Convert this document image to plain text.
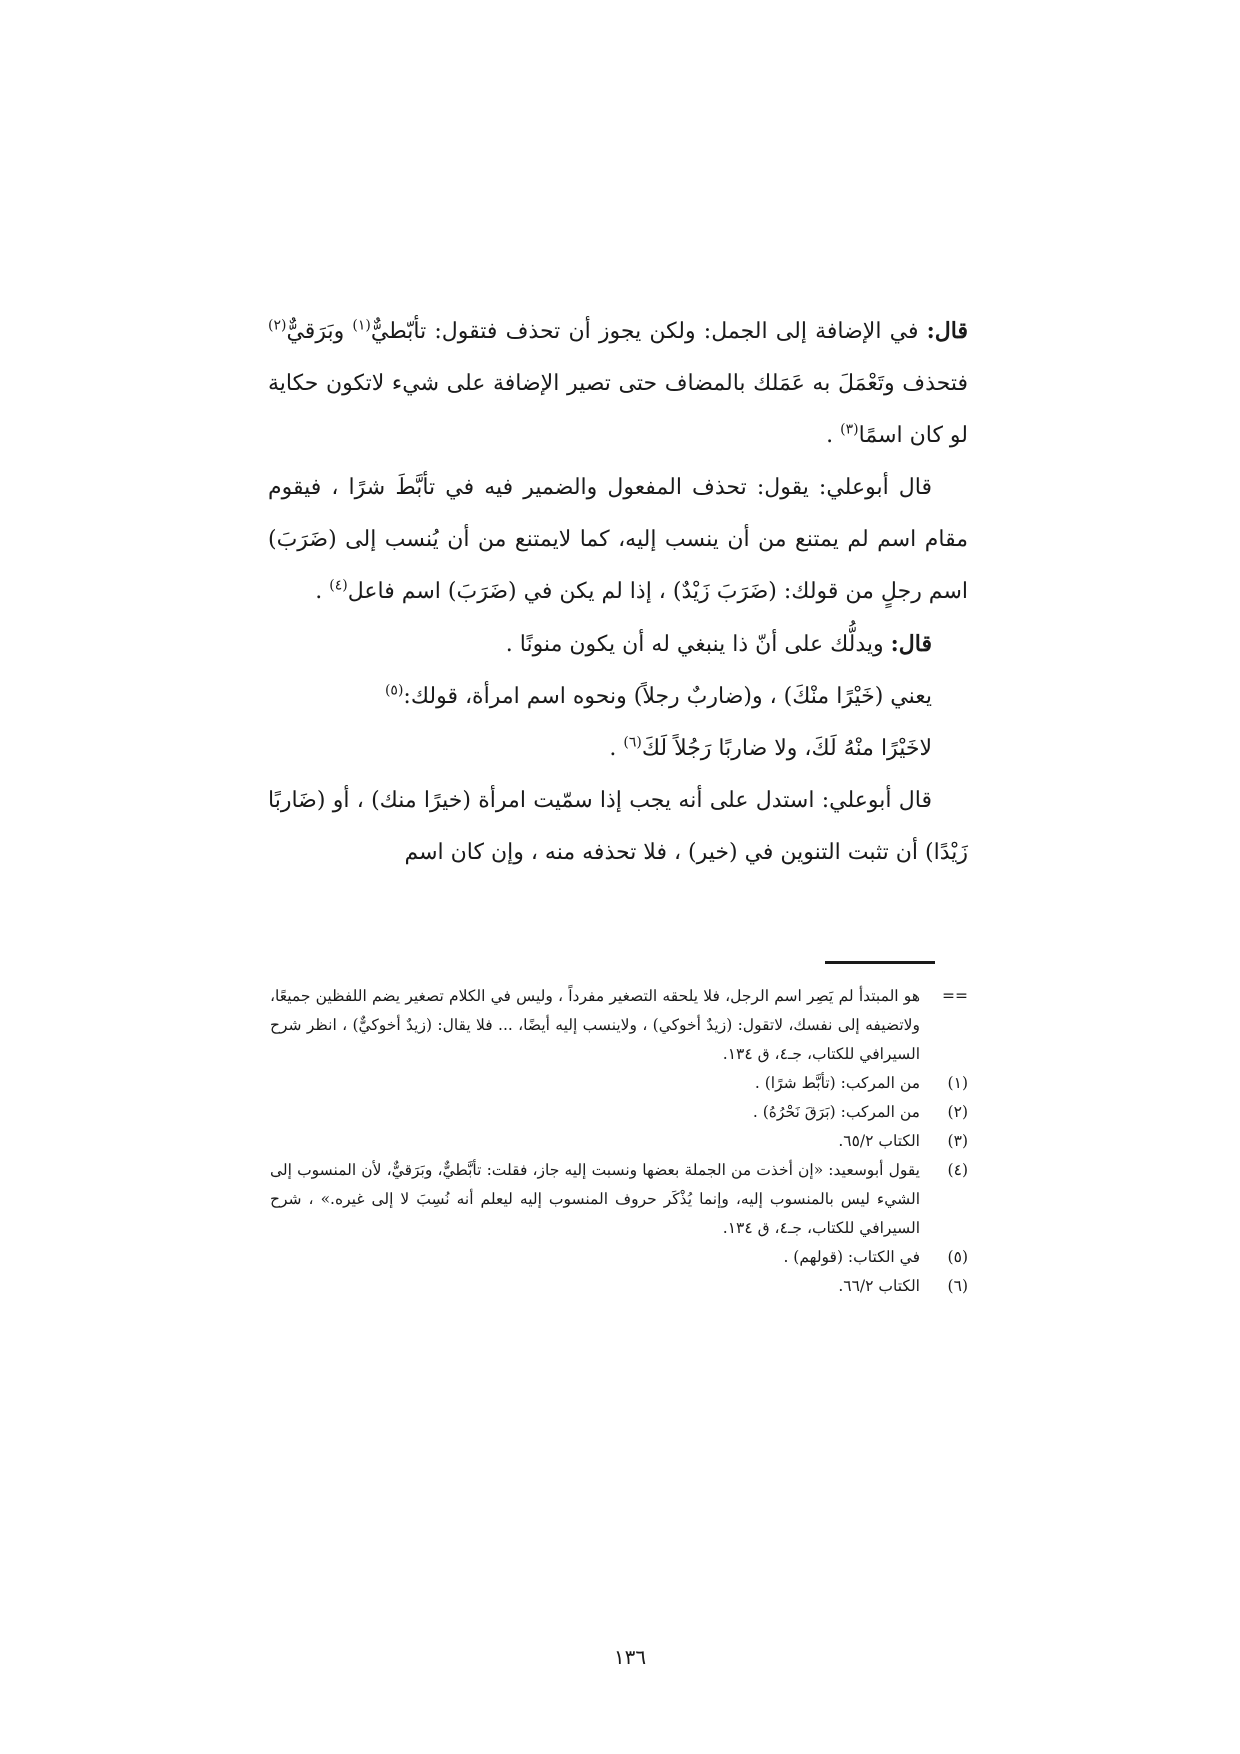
قال: في الإضافة إلى الجمل: ولكن يجوز أن تحذف فتقول: تأبّطيٌّ$^{(١)}$ وبَرَقيٌّ$^{(٢)}$ فتحذف وتَعْمَلَ به عَمَلك بالمضاف حتى تصير الإضافة على شيء لاتكون حكاية لو كان اسمًا$^{(٣)}$ .

قال أبوعلي: يقول: تحذف المفعول والضمير فيه في تأبَّطَ شرًا ، فيقوم مقام اسم لم يمتنع من أن ينسب إليه، كما لايمتنع من أن يُنسب إلى (ضَرَبَ) اسم رجلٍ من قولك: (ضَرَبَ زَيْدٌ) ، إذا لم يكن في (ضَرَبَ) اسم فاعل$^{(٤)}$ .

قال: ويدلُّك على أنّ ذا ينبغي له أن يكون منونًا .

يعني (خَيْرًا منْكَ) ، و(ضاربٌ رجلاً) ونحوه اسم امرأة، قولك:$^{(٥)}$

لاخَيْرًا منْهُ لَكَ، ولا ضاربًا رَجُلاً لَكَ$^{(٦)}$ .

قال أبوعلي: استدل على أنه يجب إذا سمّيت امرأة (خيرًا منك) ، أو (ضَاربًا زَيْدًا) أن تثبت التنوين في (خير) ، فلا تحذفه منه ، وإن كان اسم

==
هو المبتدأ لم يَصِر اسم الرجل، فلا يلحقه التصغير مفرداً ، وليس في الكلام تصغير يضم اللفظين جميعًا، ولاتضيفه إلى نفسك، لاتقول: (زيدٌ أخوكي) ، ولاينسب إليه أيضًا، ... فلا يقال: (زيدٌ أخوكيٌّ) ، انظر شرح السيرافي للكتاب، جـ٤، ق ١٣٤.
(١)
من المركب: (تأبَّط شرًا) .
(٢)
من المركب: (بَرَقَ نَحْرُهُ) .
(٣)
الكتاب ٦٥/٢.
(٤)
يقول أبوسعيد: «إن أخذت من الجملة بعضها ونسبت إليه جاز، فقلت: تأبَّطيٌّ، وبَرَقيٌّ، لأن المنسوب إلى الشيء ليس بالمنسوب إليه، وإنما يُذْكَر حروف المنسوب إليه ليعلم أنه نُسِبَ لا إلى غيره.» ، شرح السيرافي للكتاب، جـ٤، ق ١٣٤.
(٥)
في الكتاب: (قولهم) .
(٦)
الكتاب ٦٦/٢.
١٣٦
